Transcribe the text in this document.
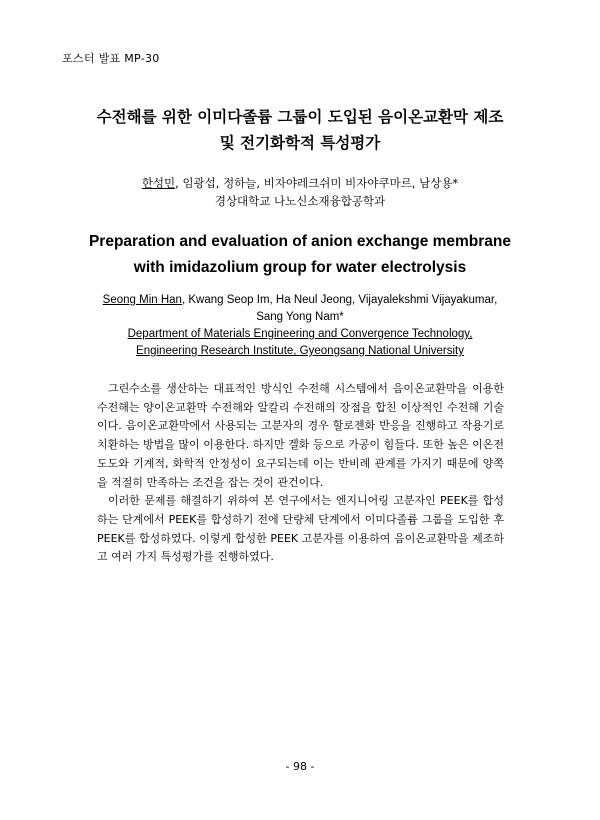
포스터 발표 MP-30
수전해를 위한 이미다졸륨 그룹이 도입된 음이온교환막 제조
및 전기화학적 특성평가
한성민, 임광섭, 정하늘, 비자야레크쉬미 비자야쿠마르, 남상용*
경상대학교 나노신소재융합공학과
Preparation and evaluation of anion exchange membrane
with imidazolium group for water electrolysis
Seong Min Han, Kwang Seop Im, Ha Neul Jeong, Vijayalekshmi Vijayakumar,
Sang Yong Nam*
Department of Materials Engineering and Convergence Technology,
Engineering Research Institute, Gyeongsang National University

그린수소를 생산하는 대표적인 방식인 수전해 시스템에서 음이온교환막을 이용한 수전해는 양이온교환막 수전해와 알칼리 수전해의 장점을 합친 이상적인 수전해 기술이다. 음이온교환막에서 사용되는 고분자의 경우 할로젠화 반응을 진행하고 작용기로 치환하는 방법을 많이 이용한다. 하지만 겔화 등으로 가공이 힘들다. 또한 높은 이온전도도와 기계적, 화학적 안정성이 요구되는데 이는 반비례 관계를 가지기 때문에 양쪽을 적절히 만족하는 조건을 잡는 것이 관건이다.

이러한 문제를 해결하기 위하여 본 연구에서는 엔지니어링 고분자인 PEEK를 합성하는 단계에서 PEEK를 합성하기 전에 단량체 단계에서 이미다졸륨 그룹을 도입한 후 PEEK를 합성하였다. 이렇게 합성한 PEEK 고분자를 이용하여 음이온교환막을 제조하고 여러 가지 특성평가를 진행하였다.

- 98 -
